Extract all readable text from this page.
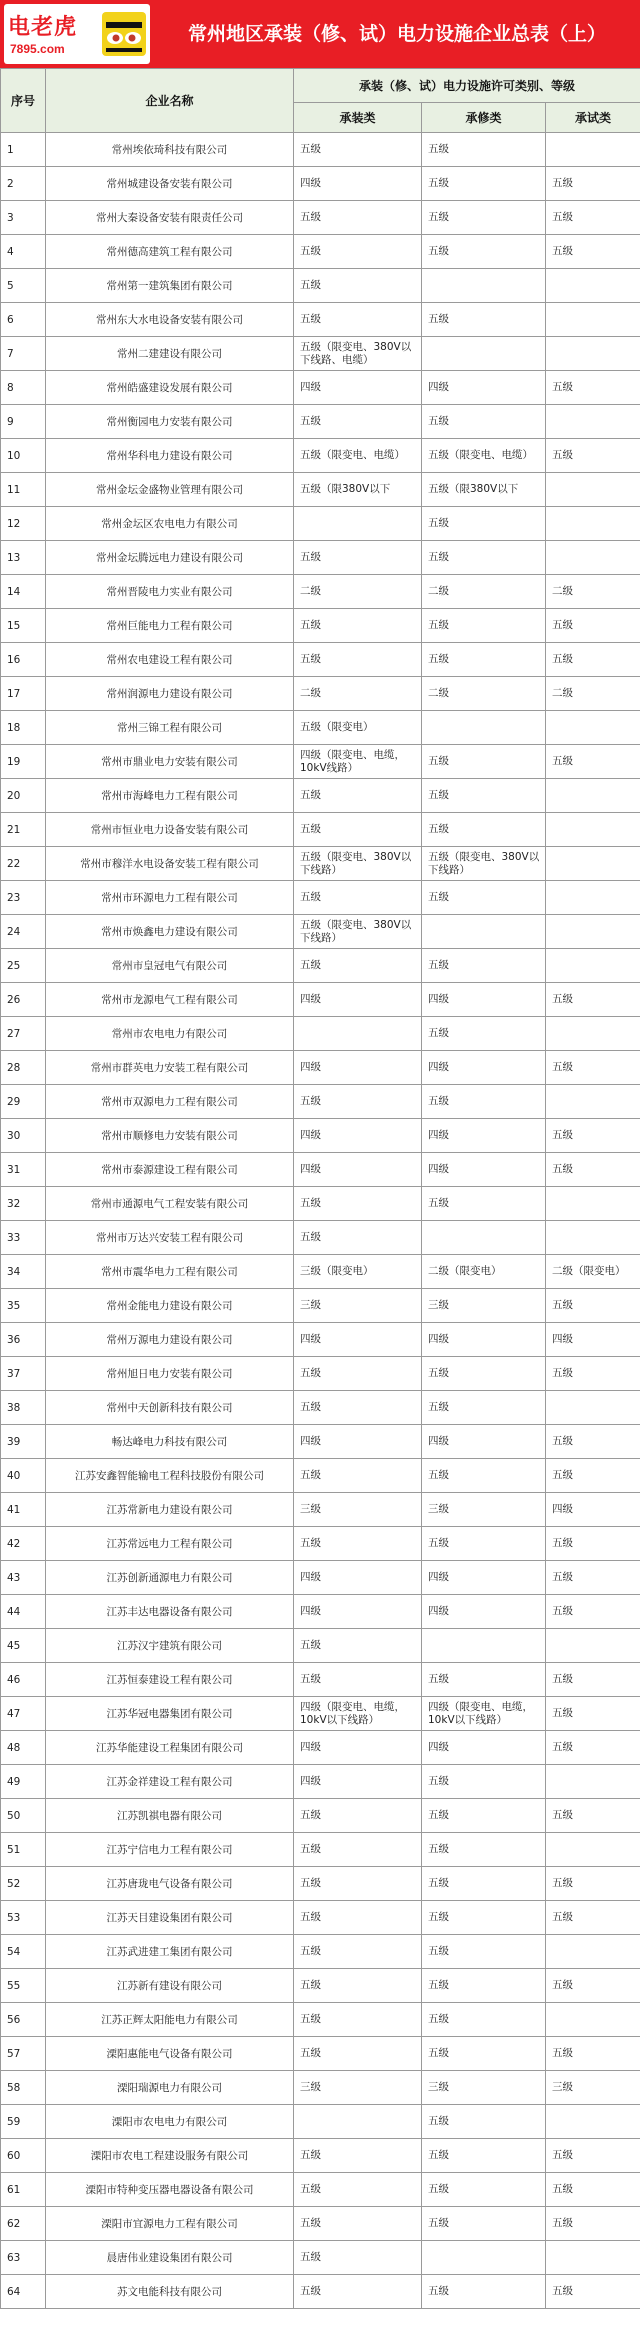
电老虎
7895.com
常州地区承装（修、试）电力设施企业总表（上）
序号	企业名称	承装（修、试）电力设施许可类别、等级		
		承装类	承修类	承试类
1	常州埃依琦科技有限公司	五级	五级	
2	常州城建设备安装有限公司	四级	五级	五级
3	常州大秦设备安装有限责任公司	五级	五级	五级
4	常州德高建筑工程有限公司	五级	五级	五级
5	常州第一建筑集团有限公司	五级		
6	常州东大水电设备安装有限公司	五级	五级	
7	常州二建建设有限公司	五级（限变电、380V以下线路、电缆）		
8	常州皓盛建设发展有限公司	四级	四级	五级
9	常州衡园电力安装有限公司	五级	五级	
10	常州华科电力建设有限公司	五级（限变电、电缆）	五级（限变电、电缆）	五级
11	常州金坛金盛物业管理有限公司	五级（限380V以下	五级（限380V以下	
12	常州金坛区农电电力有限公司		五级	
13	常州金坛腾远电力建设有限公司	五级	五级	
14	常州晋陵电力实业有限公司	二级	二级	二级
15	常州巨能电力工程有限公司	五级	五级	五级
16	常州农电建设工程有限公司	五级	五级	五级
17	常州润源电力建设有限公司	二级	二级	二级
18	常州三锦工程有限公司	五级（限变电）		
19	常州市鼎业电力安装有限公司	四级（限变电、电缆，10kV线路）	五级	五级
20	常州市海峰电力工程有限公司	五级	五级	
21	常州市恒业电力设备安装有限公司	五级	五级	
22	常州市穆洋水电设备安装工程有限公司	五级（限变电、380V以下线路）	五级（限变电、380V以下线路）	
23	常州市环源电力工程有限公司	五级	五级	
24	常州市焕鑫电力建设有限公司	五级（限变电、380V以下线路）		
25	常州市皇冠电气有限公司	五级	五级	
26	常州市龙源电气工程有限公司	四级	四级	五级
27	常州市农电电力有限公司		五级	
28	常州市群英电力安装工程有限公司	四级	四级	五级
29	常州市双源电力工程有限公司	五级	五级	
30	常州市顺修电力安装有限公司	四级	四级	五级
31	常州市泰源建设工程有限公司	四级	四级	五级
32	常州市通源电气工程安装有限公司	五级	五级	
33	常州市万达兴安装工程有限公司	五级		
34	常州市震华电力工程有限公司	三级（限变电）	二级（限变电）	二级（限变电）
35	常州金能电力建设有限公司	三级	三级	五级
36	常州万源电力建设有限公司	四级	四级	四级
37	常州旭日电力安装有限公司	五级	五级	五级
38	常州中天创新科技有限公司	五级	五级	
39	畅达峰电力科技有限公司	四级	四级	五级
40	江苏安鑫智能输电工程科技股份有限公司	五级	五级	五级
41	江苏常新电力建设有限公司	三级	三级	四级
42	江苏常远电力工程有限公司	五级	五级	五级
43	江苏创新通源电力有限公司	四级	四级	五级
44	江苏丰达电器设备有限公司	四级	四级	五级
45	江苏汉宇建筑有限公司	五级		
46	江苏恒泰建设工程有限公司	五级	五级	五级
47	江苏华冠电器集团有限公司	四级（限变电、电缆，10kV以下线路）	四级（限变电、电缆，10kV以下线路）	五级
48	江苏华能建设工程集团有限公司	四级	四级	五级
49	江苏金祥建设工程有限公司	四级	五级	
50	江苏凯祺电器有限公司	五级	五级	五级
51	江苏宁信电力工程有限公司	五级	五级	
52	江苏唐珑电气设备有限公司	五级	五级	五级
53	江苏天目建设集团有限公司	五级	五级	五级
54	江苏武进建工集团有限公司	五级	五级	
55	江苏新有建设有限公司	五级	五级	五级
56	江苏正辉太阳能电力有限公司	五级	五级	
57	溧阳惠能电气设备有限公司	五级	五级	五级
58	溧阳瑞源电力有限公司	三级	三级	三级
59	溧阳市农电电力有限公司		五级	
60	溧阳市农电工程建设服务有限公司	五级	五级	五级
61	溧阳市特种变压器电器设备有限公司	五级	五级	五级
62	溧阳市宜源电力工程有限公司	五级	五级	五级
63	晨唐伟业建设集团有限公司	五级		
64	苏文电能科技有限公司	五级	五级	五级
